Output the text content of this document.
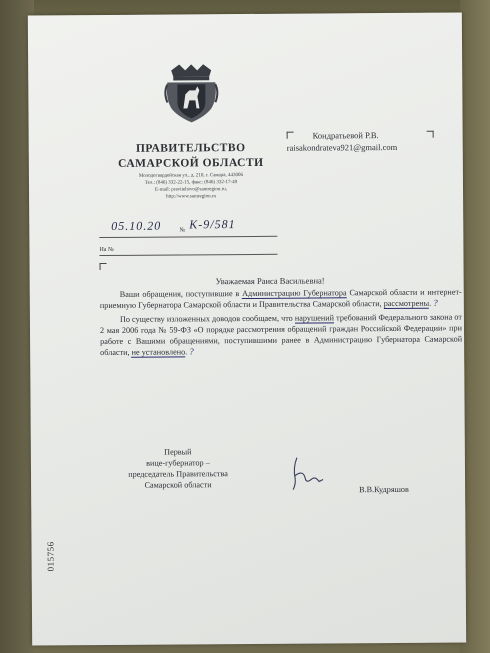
ПРАВИТЕЛЬСТВО
САМАРСКОЙ ОБЛАСТИ
Молодогвардейская ул., д. 210, г. Самара, 443006
Тел.: (846) 332-22-15, факс: (846) 332-17-49
E-mail: pravitelstvo@samregion.ru,
http://www.samregion.ru
Кондратьевой Р.В.
raisakondrateva921@gmail.com
05.10.20	№ К-9/581
На №
Уважаемая Раиса Васильевна!

Ваши обращения, поступившие в Администрацию Губернатора Самарской области и интернет-приемную Губернатора Самарской области и Правительства Самарской области, рассмотрены. ?

По существу изложенных доводов сообщаем, что нарушений требований Федерального закона от 2 мая 2006 года № 59-ФЗ «О порядке рассмотрения обращений граждан Российской Федерации» при работе с Вашими обращениями, поступившими ранее в Администрацию Губернатора Самарской области, не установлено. ?

Первый
вице-губернатор –
председатель Правительства
Самарской области	В.В.Кудряшов
015756
